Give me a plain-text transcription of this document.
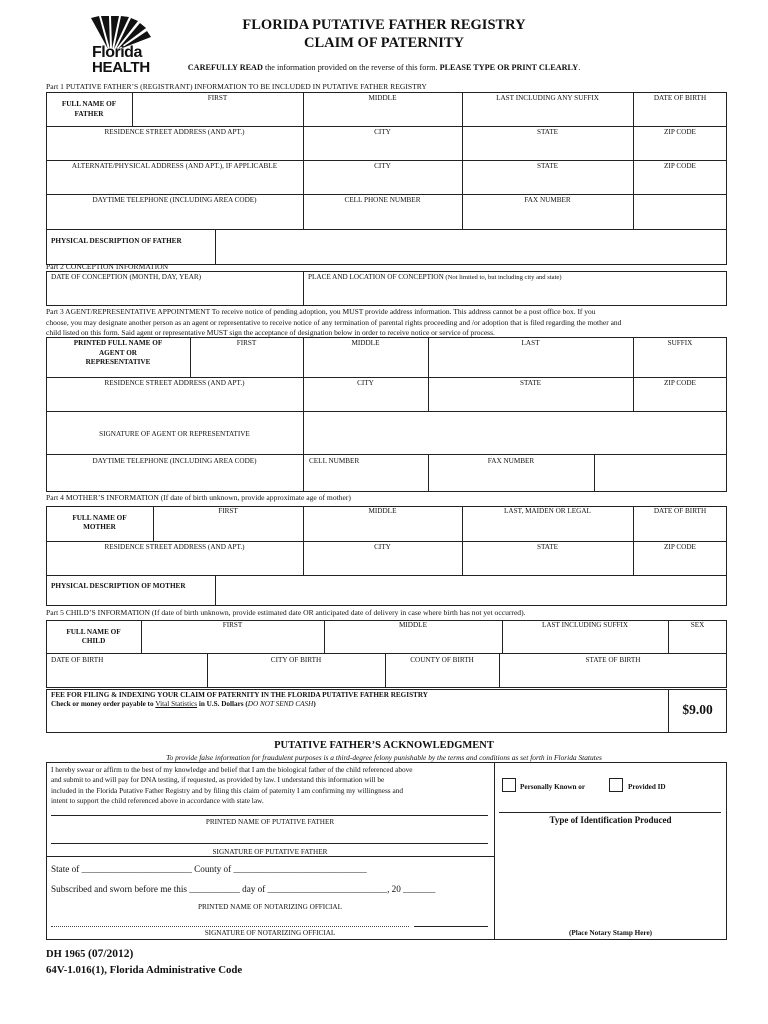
Florida
HEALTH
FLORIDA PUTATIVE FATHER REGISTRY
CLAIM OF PATERNITY
CAREFULLY READ the information provided on the reverse of this form. PLEASE TYPE OR PRINT CLEARLY.
Part 1 PUTATIVE FATHER’S (REGISTRANT) INFORMATION TO BE INCLUDED IN PUTATIVE FATHER REGISTRY
FULL NAME OF
FATHER
FIRST	MIDDLE	LAST INCLUDING ANY SUFFIX	DATE OF BIRTH
RESIDENCE STREET ADDRESS (AND APT.)	CITY	STATE	ZIP CODE
ALTERNATE/PHYSICAL ADDRESS (AND APT.), IF APPLICABLE	CITY	STATE	ZIP CODE
DAYTIME TELEPHONE (INCLUDING AREA CODE)	CELL PHONE NUMBER	FAX NUMBER
PHYSICAL DESCRIPTION OF FATHER
Part 2 CONCEPTION INFORMATION
DATE OF CONCEPTION (MONTH, DAY, YEAR)	PLACE AND LOCATION OF CONCEPTION (Not limited to, but including city and state)
Part 3 AGENT/REPRESENTATIVE APPOINTMENT To receive notice of pending adoption, you MUST provide address information. This address cannot be a post office box. If you
choose, you may designate another person as an agent or representative to receive notice of any termination of parental rights proceeding and /or adoption that is filed regarding the mother and
child listed on this form. Said agent or representative MUST sign the acceptance of designation below in order to receive notice or service of process.
PRINTED FULL NAME OF
AGENT OR
REPRESENTATIVE
FIRST	MIDDLE	LAST	SUFFIX
RESIDENCE STREET ADDRESS (AND APT.)	CITY	STATE	ZIP CODE
SIGNATURE OF AGENT OR REPRESENTATIVE
DAYTIME TELEPHONE (INCLUDING AREA CODE)	CELL NUMBER	FAX NUMBER
Part 4 MOTHER’S INFORMATION (If date of birth unknown, provide approximate age of mother)
FULL NAME OF
MOTHER
FIRST	MIDDLE	LAST, MAIDEN OR LEGAL	DATE OF BIRTH
RESIDENCE STREET ADDRESS (AND APT.)	CITY	STATE	ZIP CODE
PHYSICAL DESCRIPTION OF MOTHER
Part 5 CHILD’S INFORMATION (If date of birth unknown, provide estimated date OR anticipated date of delivery in case where birth has not yet occurred).
FULL NAME OF
CHILD
FIRST	MIDDLE	LAST INCLUDING SUFFIX	SEX
DATE OF BIRTH	CITY OF BIRTH	COUNTY OF BIRTH	STATE OF BIRTH
FEE FOR FILING & INDEXING YOUR CLAIM OF PATERNITY IN THE FLORIDA PUTATIVE FATHER REGISTRY
Check or money order payable to Vital Statistics in U.S. Dollars (DO NOT SEND CASH)	$9.00
PUTATIVE FATHER’S ACKNOWLEDGMENT
To provide false information for fraudulent purposes is a third-degree felony punishable by the terms and conditions as set forth in Florida Statutes
I hereby swear or affirm to the best of my knowledge and belief that I am the biological father of the child referenced above
and submit to and will pay for DNA testing, if requested, as provided by law. I understand this information will be
included in the Florida Putative Father Registry and by filing this claim of paternity I am confirming my willingness and
intent to support the child referenced above in accordance with state law.
PRINTED NAME OF PUTATIVE FATHER
SIGNATURE OF PUTATIVE FATHER
State of ________________________ County of _____________________________
Subscribed and sworn before me this ___________ day of __________________________, 20 _______
PRINTED NAME OF NOTARIZING OFFICIAL
SIGNATURE OF NOTARIZING OFFICIAL
Personally Known or	Provided ID
Type of Identification Produced
(Place Notary Stamp Here)
DH 1965 (07/2012)
64V-1.016(1), Florida Administrative Code
